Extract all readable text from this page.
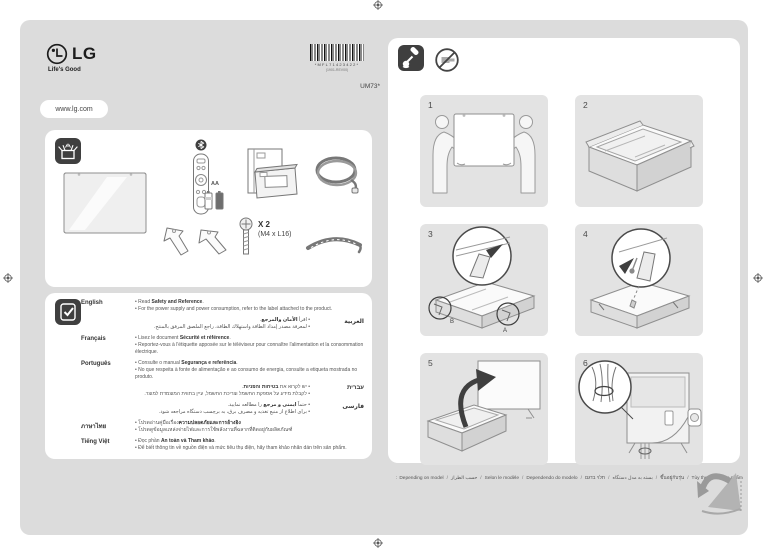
LG
Life's Good
*MFL71423422*
(1901-REV00)
UM73*
www.lg.com
AA
X 2
(M4 x L16)
English	• Read Safety and Reference.
• For the power supply and power consumption, refer to the label attached to the product.
العربية
• اقرأ الأمان والمرجع.
• لمعرفة مصدر إمداد الطاقة واستهلاك الطاقة، راجع الملصق المرفق بالمنتج.
Français	• Lisez le document Sécurité et référence.
• Reportez-vous à l'étiquette apposée sur le téléviseur pour connaître l'alimentation et la consommation électrique.
Português	• Consulte o manual Segurança e referência.
• No que respeita à fonte de alimentação e ao consumo de energia, consulte a etiqueta mostrada no produto.
עברית
• יש לקרוא את בטיחות והפניות.
• לקבלת מידע על אספקת החשמל וצריכת החשמל, עיין בתווית המוצמדת למוצר.
فارسی
• حتماً ایمنی و مرجع را مطالعه نمایید.
• برای اطلاع از منبع تغذیه و مصرف برق، به برچسب دستگاه مراجعه شود.
ภาษาไทย
• โปรดอ่านคู่มือเรื่องความปลอดภัยและการอ้างอิง
• โปรดดูข้อมูลแหล่งจ่ายไฟและการใช้พลังงานที่ฉลากที่ติดอยู่กับผลิตภัณฑ์
Tiếng Việt	• Đọc phần An toàn và Tham khảo.
• Để biết thông tin về nguồn điện và mức tiêu thụ điện, hãy tham khảo nhãn dán trên sản phẩm.
1	2
B
A
3	4
5	6
: Depending on model / حسب الطراز / Selon le modèle / Dependendo do modelo / תלוי בדגם / بسته به مدل دستگاه / ขึ้นอยู่กับรุ่น / Tùy theo kiểu sản phẩm
